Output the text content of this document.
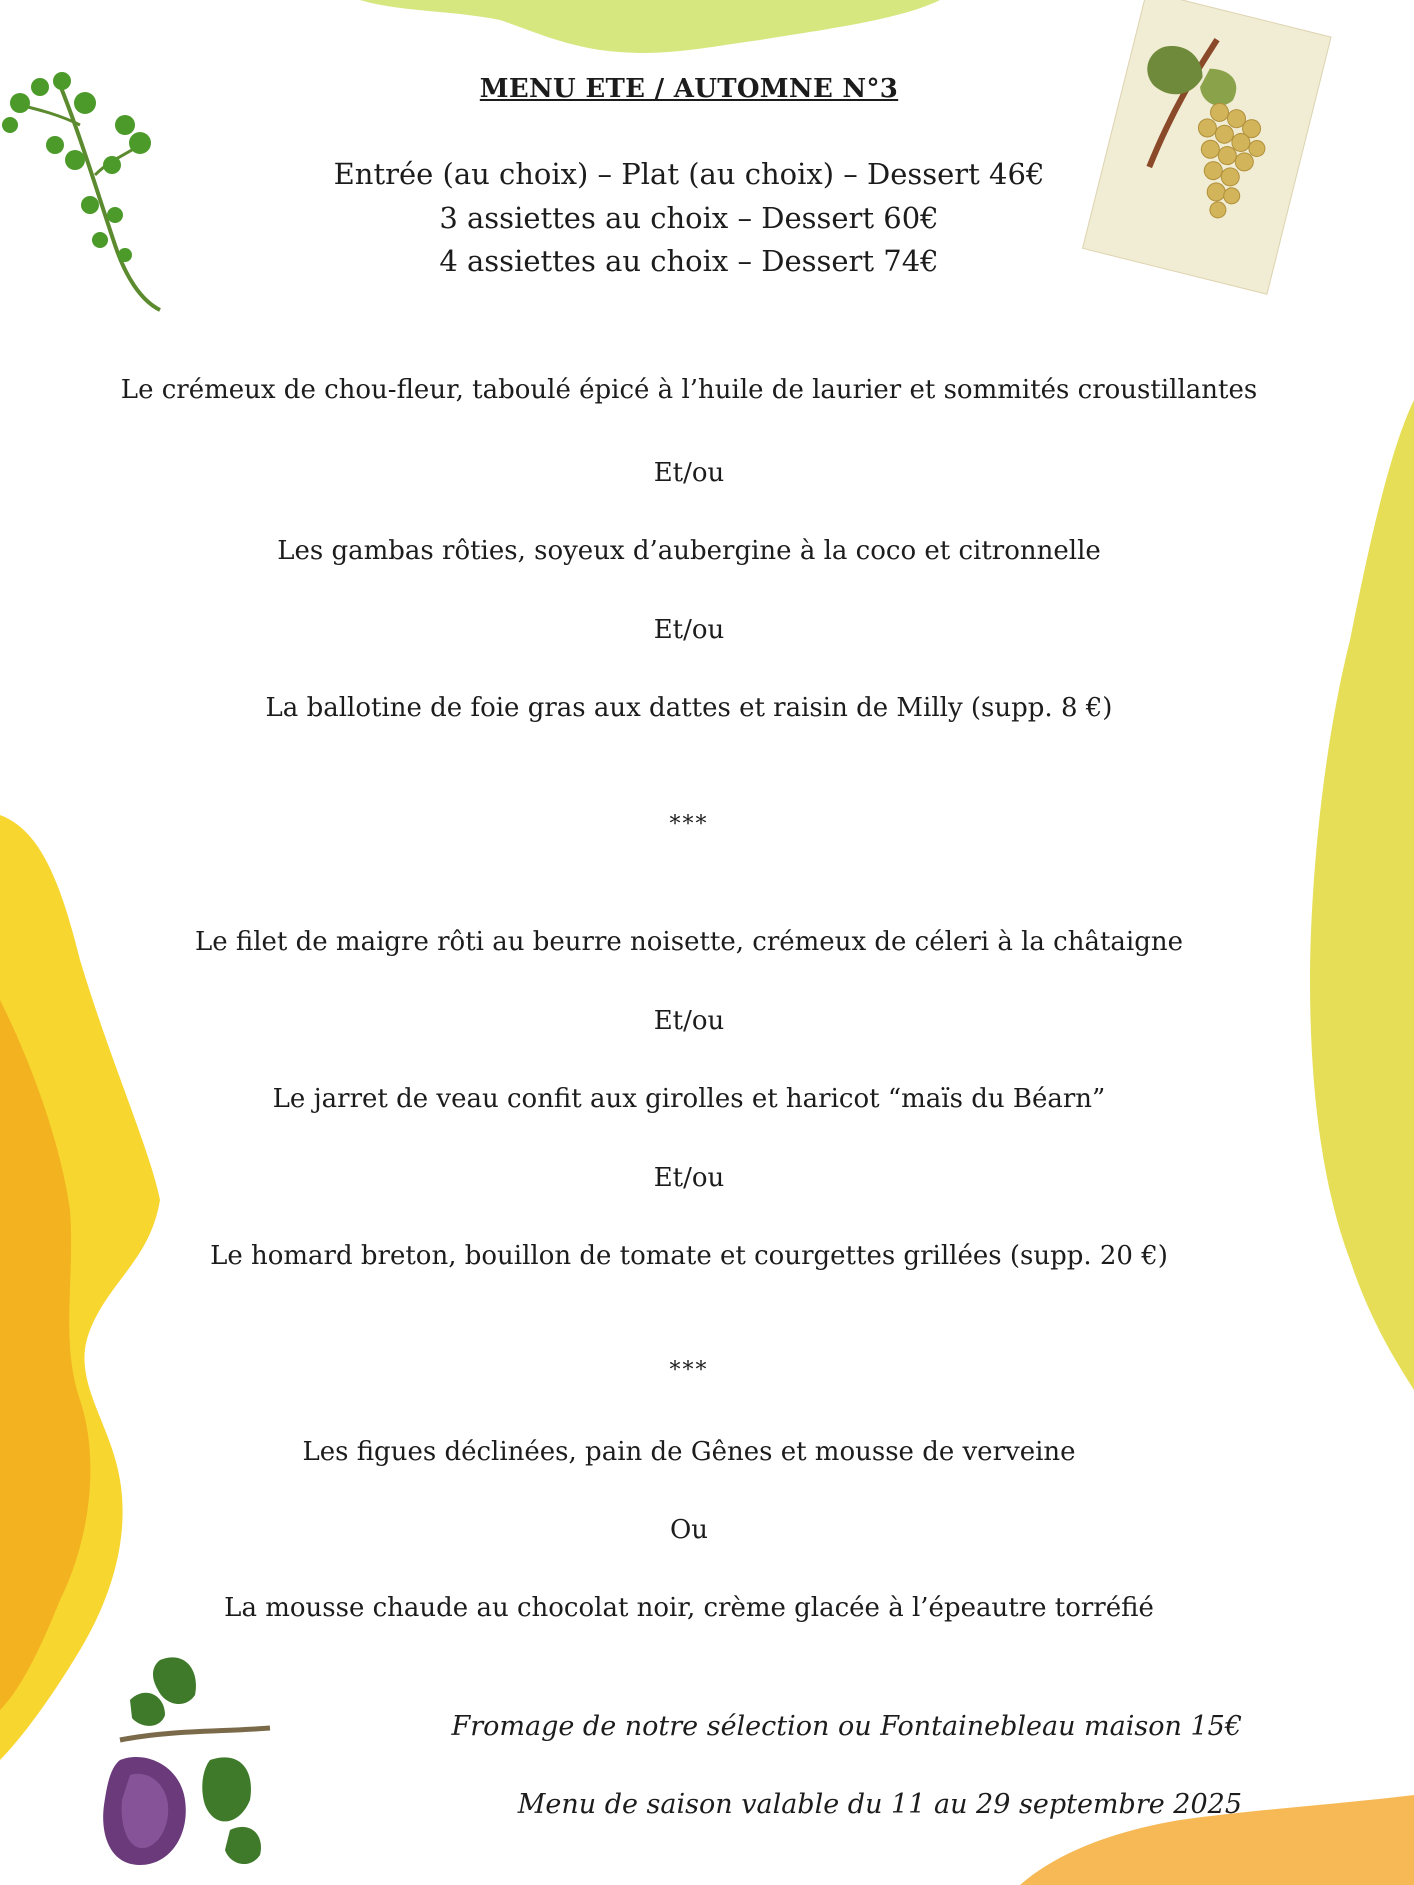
MENU ETE / AUTOMNE N°3
Entrée (au choix) – Plat (au choix) – Dessert 46€
3 assiettes au choix – Dessert 60€
4 assiettes au choix – Dessert 74€
Le crémeux de chou-fleur, taboulé épicé à l’huile de laurier et sommités croustillantes
Et/ou
Les gambas rôties, soyeux d’aubergine à la coco et citronnelle
Et/ou
La ballotine de foie gras aux dattes et raisin de Milly (supp. 8 €)
***
Le filet de maigre rôti au beurre noisette, crémeux de céleri à la châtaigne
Et/ou
Le jarret de veau confit aux girolles et haricot “maïs du Béarn”
Et/ou
Le homard breton, bouillon de tomate et courgettes grillées (supp. 20 €)
***
Les figues déclinées, pain de Gênes et mousse de verveine
Ou
La mousse chaude au chocolat noir, crème glacée à l’épeautre torréfié
Fromage de notre sélection ou Fontainebleau maison 15€
Menu de saison valable du 11 au 29 septembre 2025
